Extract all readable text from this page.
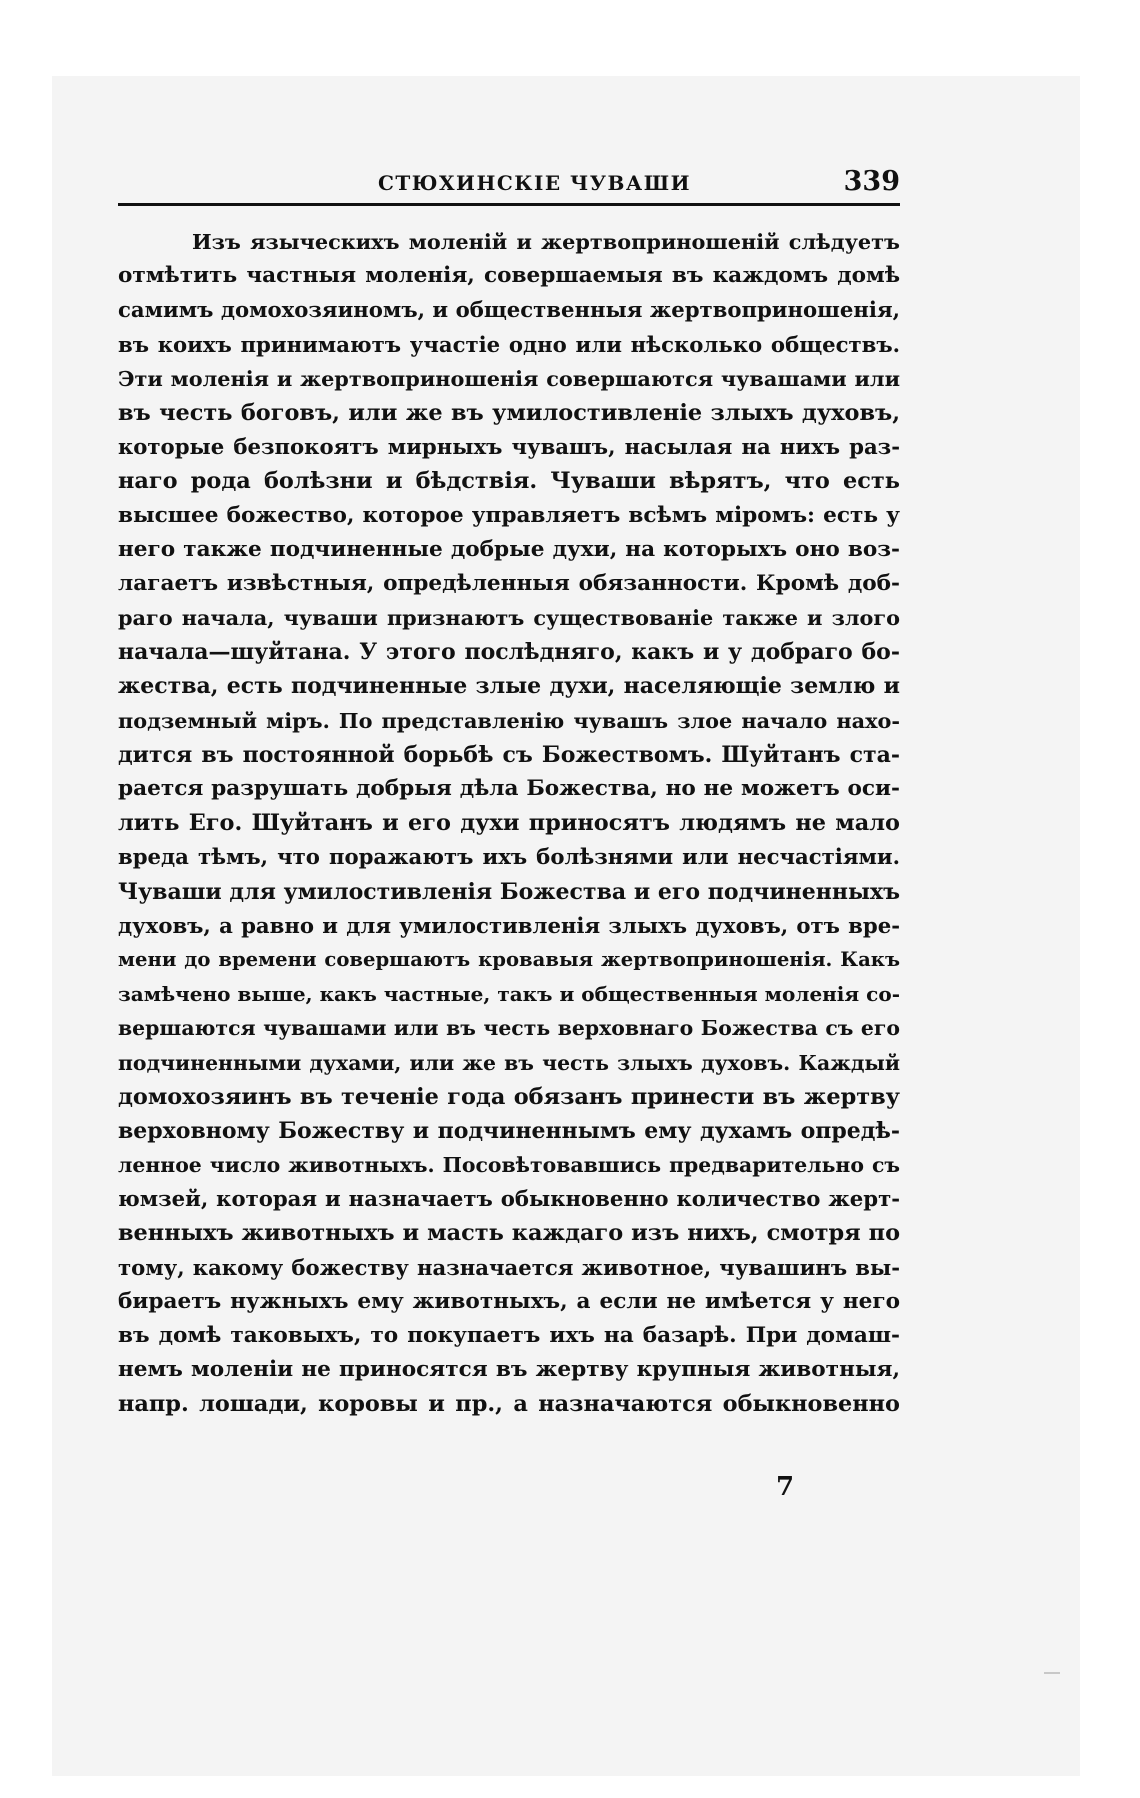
СТЮХИНСКІЕ ЧУВАШИ	339
Изъ языческихъ моленій и жертвоприношеній слѣдуетъ
отмѣтить частныя моленія, совершаемыя въ каждомъ домѣ
самимъ домохозяиномъ, и общественныя жертвоприношенія,
въ коихъ принимаютъ участіе одно или нѣсколько обществъ.
Эти моленія и жертвоприношенія совершаются чувашами или
въ честь боговъ, или же въ умилостивленіе злыхъ духовъ,
которые безпокоятъ мирныхъ чувашъ, насылая на нихъ раз-
наго рода болѣзни и бѣдствія. Чуваши вѣрятъ, что есть
высшее божество, которое управляетъ всѣмъ міромъ: есть у
него также подчиненные добрые духи, на которыхъ оно воз-
лагаетъ извѣстныя, опредѣленныя обязанности. Кромѣ доб-
раго начала, чуваши признаютъ существованіе также и злого
начала—шуйтана. У этого послѣдняго, какъ и у добраго бо-
жества, есть подчиненные злые духи, населяющіе землю и
подземный міръ. По представленію чувашъ злое начало нахо-
дится въ постоянной борьбѣ съ Божествомъ. Шуйтанъ ста-
рается разрушать добрыя дѣла Божества, но не можетъ оси-
лить Его. Шуйтанъ и его духи приносятъ людямъ не мало
вреда тѣмъ, что поражаютъ ихъ болѣзнями или несчастіями.
Чуваши для умилостивленія Божества и его подчиненныхъ
духовъ, а равно и для умилостивленія злыхъ духовъ, отъ вре-
мени до времени совершаютъ кровавыя жертвоприношенія. Какъ
замѣчено выше, какъ частные, такъ и общественныя моленія со-
вершаются чувашами или въ честь верховнаго Божества съ его
подчиненными духами, или же въ честь злыхъ духовъ. Каждый
домохозяинъ въ теченіе года обязанъ принести въ жертву
верховному Божеству и подчиненнымъ ему духамъ опредѣ-
ленное число животныхъ. Посовѣтовавшись предварительно съ
юмзей, которая и назначаетъ обыкновенно количество жерт-
венныхъ животныхъ и масть каждаго изъ нихъ, смотря по
тому, какому божеству назначается животное, чувашинъ вы-
бираетъ нужныхъ ему животныхъ, а если не имѣется у него
въ домѣ таковыхъ, то покупаетъ ихъ на базарѣ. При домаш-
немъ моленіи не приносятся въ жертву крупныя животныя,
напр. лошади, коровы и пр., а назначаются обыкновенно
7
